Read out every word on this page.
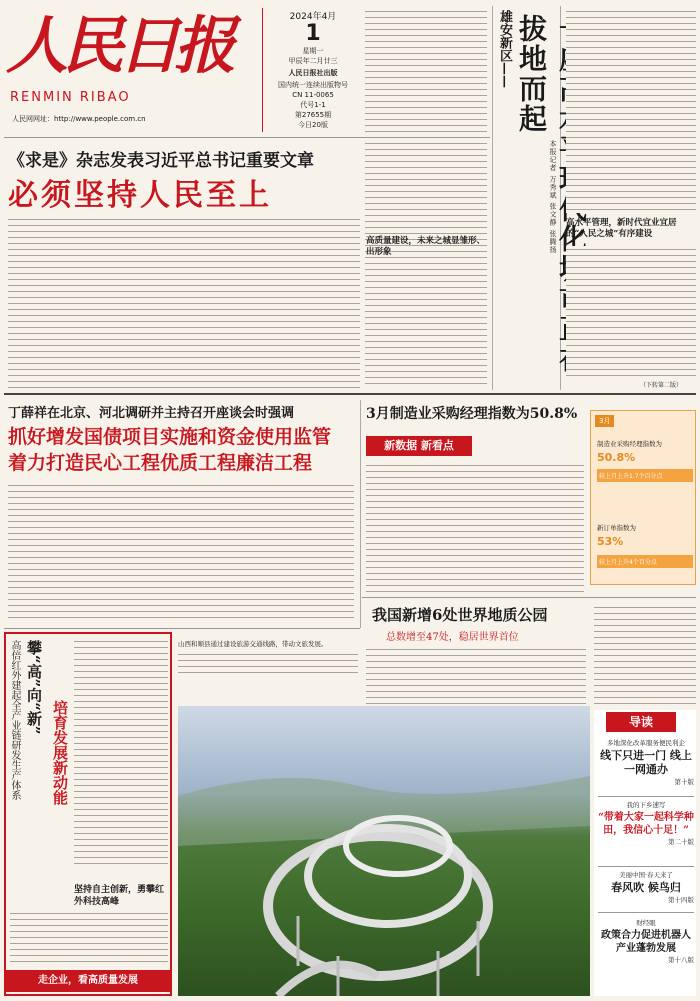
人民日报
RENMIN RIBAO
人民网网址：http://www.people.com.cn
2024年4月
1
星期一
甲辰年二月廿三
人民日报社出版
国内统一连续出版物号
CN 11-0065
代号1-1
第27655期
今日20版
《求是》杂志发表习近平总书记重要文章
必须坚持人民至上
雄安新区——
代化 拔地而起
本报记者 万秀斌 张文静 张腾扬 高水平管理，新时代宜业宜居的“人民之城”有序建设
（下转第二版）
高质量建设，未来之城显雏形、出形象
丁薛祥在北京、河北调研并主持召开座谈会时强调
抓好增发国债项目实施和资金使用监管
着力打造民心工程优质工程廉洁工程
3月制造业采购经理指数为50.8%
新数据 新看点
3月
制造业采购经理指数为
50.8%
较上月上升1.7个百分点
新订单指数为
53%
较上月上升4个百分点
我国新增6处世界地质公园
总数增至47处，稳居世界首位
高倍红外建起全产业链研发生产体系 攀“高”向“新”
培育发展新动能
坚持自主创新，勇攀红外科技高峰
走企业，看高质量发展
山西和顺县通过建设旅游交通线路，带动文旅发展。
导读
多地深化改革服务便民利企
线下只进一门 线上一网通办
第十版
我的下乡速写
“带着大家一起科学种田，我信心十足！”
第二十版
美丽中国·春天来了
春风吹 候鸟归
第十四版
财经眼
政策合力促进机器人产业蓬勃发展
第十八版
